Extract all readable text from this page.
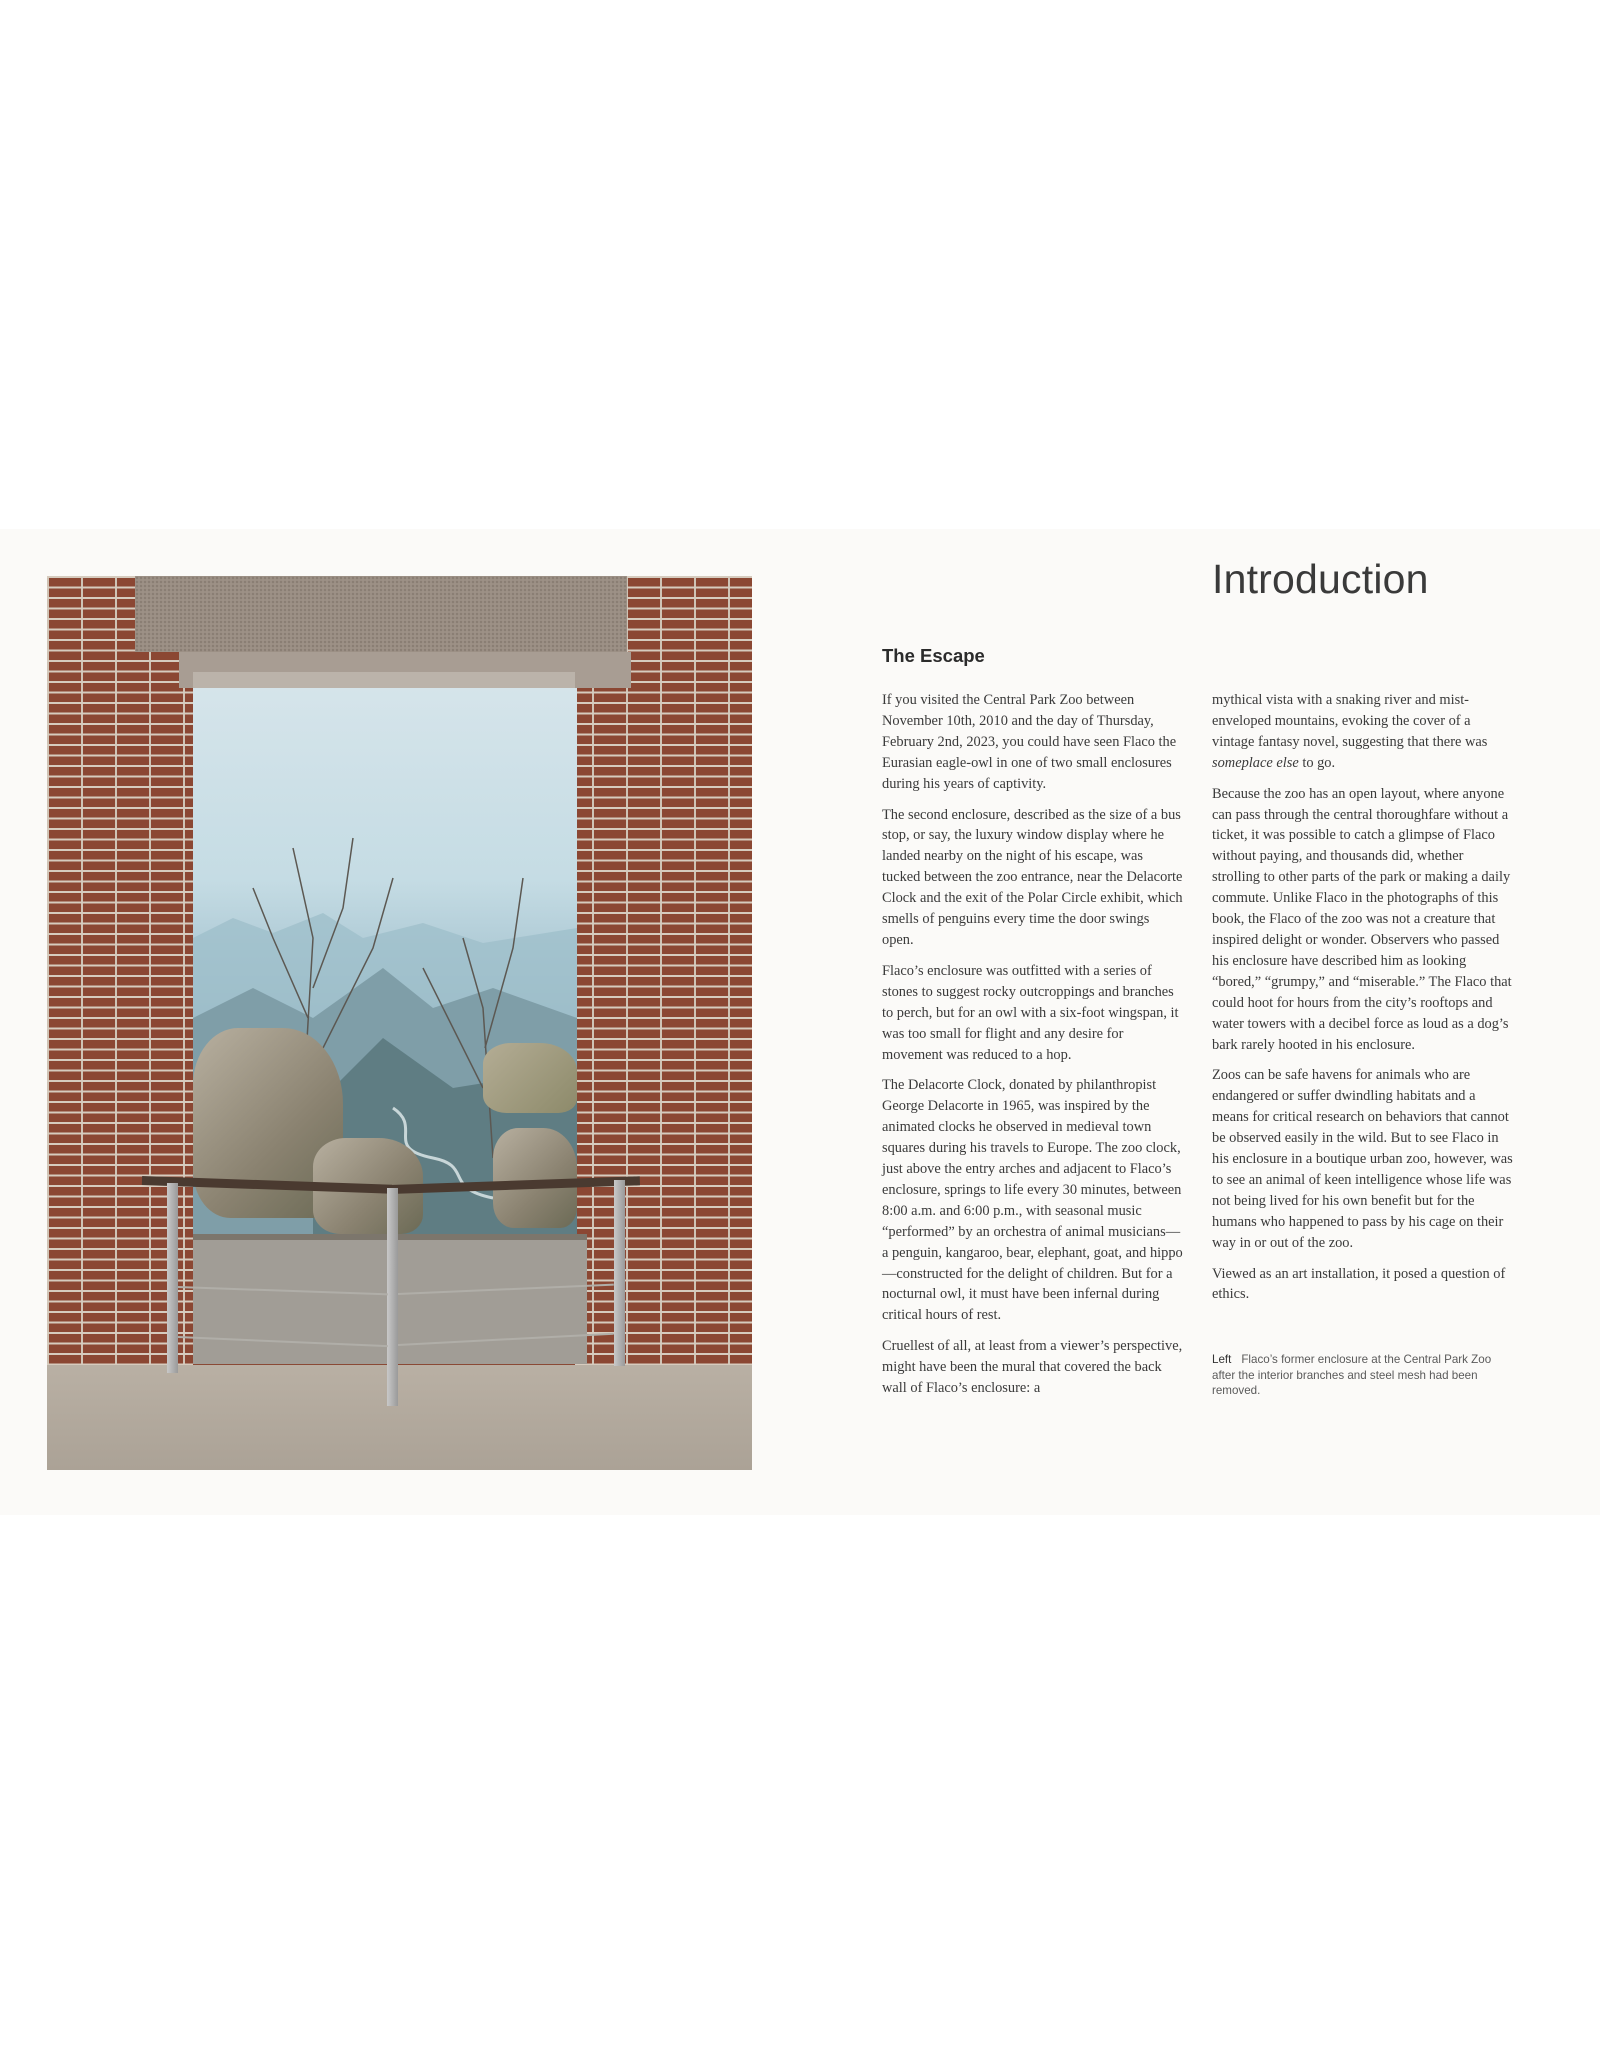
Introduction
The Escape

If you visited the Central Park Zoo between November 10th, 2010 and the day of Thursday, February 2nd, 2023, you could have seen Flaco the Eurasian eagle-owl in one of two small enclosures during his years of captivity.

The second enclosure, described as the size of a bus stop, or say, the luxury window display where he landed nearby on the night of his escape, was tucked between the zoo entrance, near the Delacorte Clock and the exit of the Polar Circle exhibit, which smells of penguins every time the door swings open.

Flaco’s enclosure was outfitted with a series of stones to suggest rocky outcroppings and branches to perch, but for an owl with a six-foot wingspan, it was too small for flight and any desire for movement was reduced to a hop.

The Delacorte Clock, donated by philanthropist George Delacorte in 1965, was inspired by the animated clocks he observed in medieval town squares during his travels to Europe. The zoo clock, just above the entry arches and adjacent to Flaco’s enclosure, springs to life every 30 minutes, between 8:00 a.m. and 6:00 p.m., with seasonal music “performed” by an orchestra of animal musicians—a penguin, kangaroo, bear, elephant, goat, and hippo—constructed for the delight of children. But for a nocturnal owl, it must have been infernal during critical hours of rest.

Cruellest of all, at least from a viewer’s perspective, might have been the mural that covered the back wall of Flaco’s enclosure: a

mythical vista with a snaking river and mist-enveloped mountains, evoking the cover of a vintage fantasy novel, suggesting that there was someplace else to go.

Because the zoo has an open layout, where anyone can pass through the central thoroughfare without a ticket, it was possible to catch a glimpse of Flaco without paying, and thousands did, whether strolling to other parts of the park or making a daily commute. Unlike Flaco in the photographs of this book, the Flaco of the zoo was not a creature that inspired delight or wonder. Observers who passed his enclosure have described him as looking “bored,” “grumpy,” and “miserable.” The Flaco that could hoot for hours from the city’s rooftops and water towers with a decibel force as loud as a dog’s bark rarely hooted in his enclosure.

Zoos can be safe havens for animals who are endangered or suffer dwindling habitats and a means for critical research on behaviors that cannot be observed easily in the wild. But to see Flaco in his enclosure in a boutique urban zoo, however, was to see an animal of keen intelligence whose life was not being lived for his own benefit but for the humans who happened to pass by his cage on their way in or out of the zoo.

Viewed as an art installation, it posed a question of ethics.

Left Flaco’s former enclosure at the Central Park Zoo after the interior branches and steel mesh had been removed.
